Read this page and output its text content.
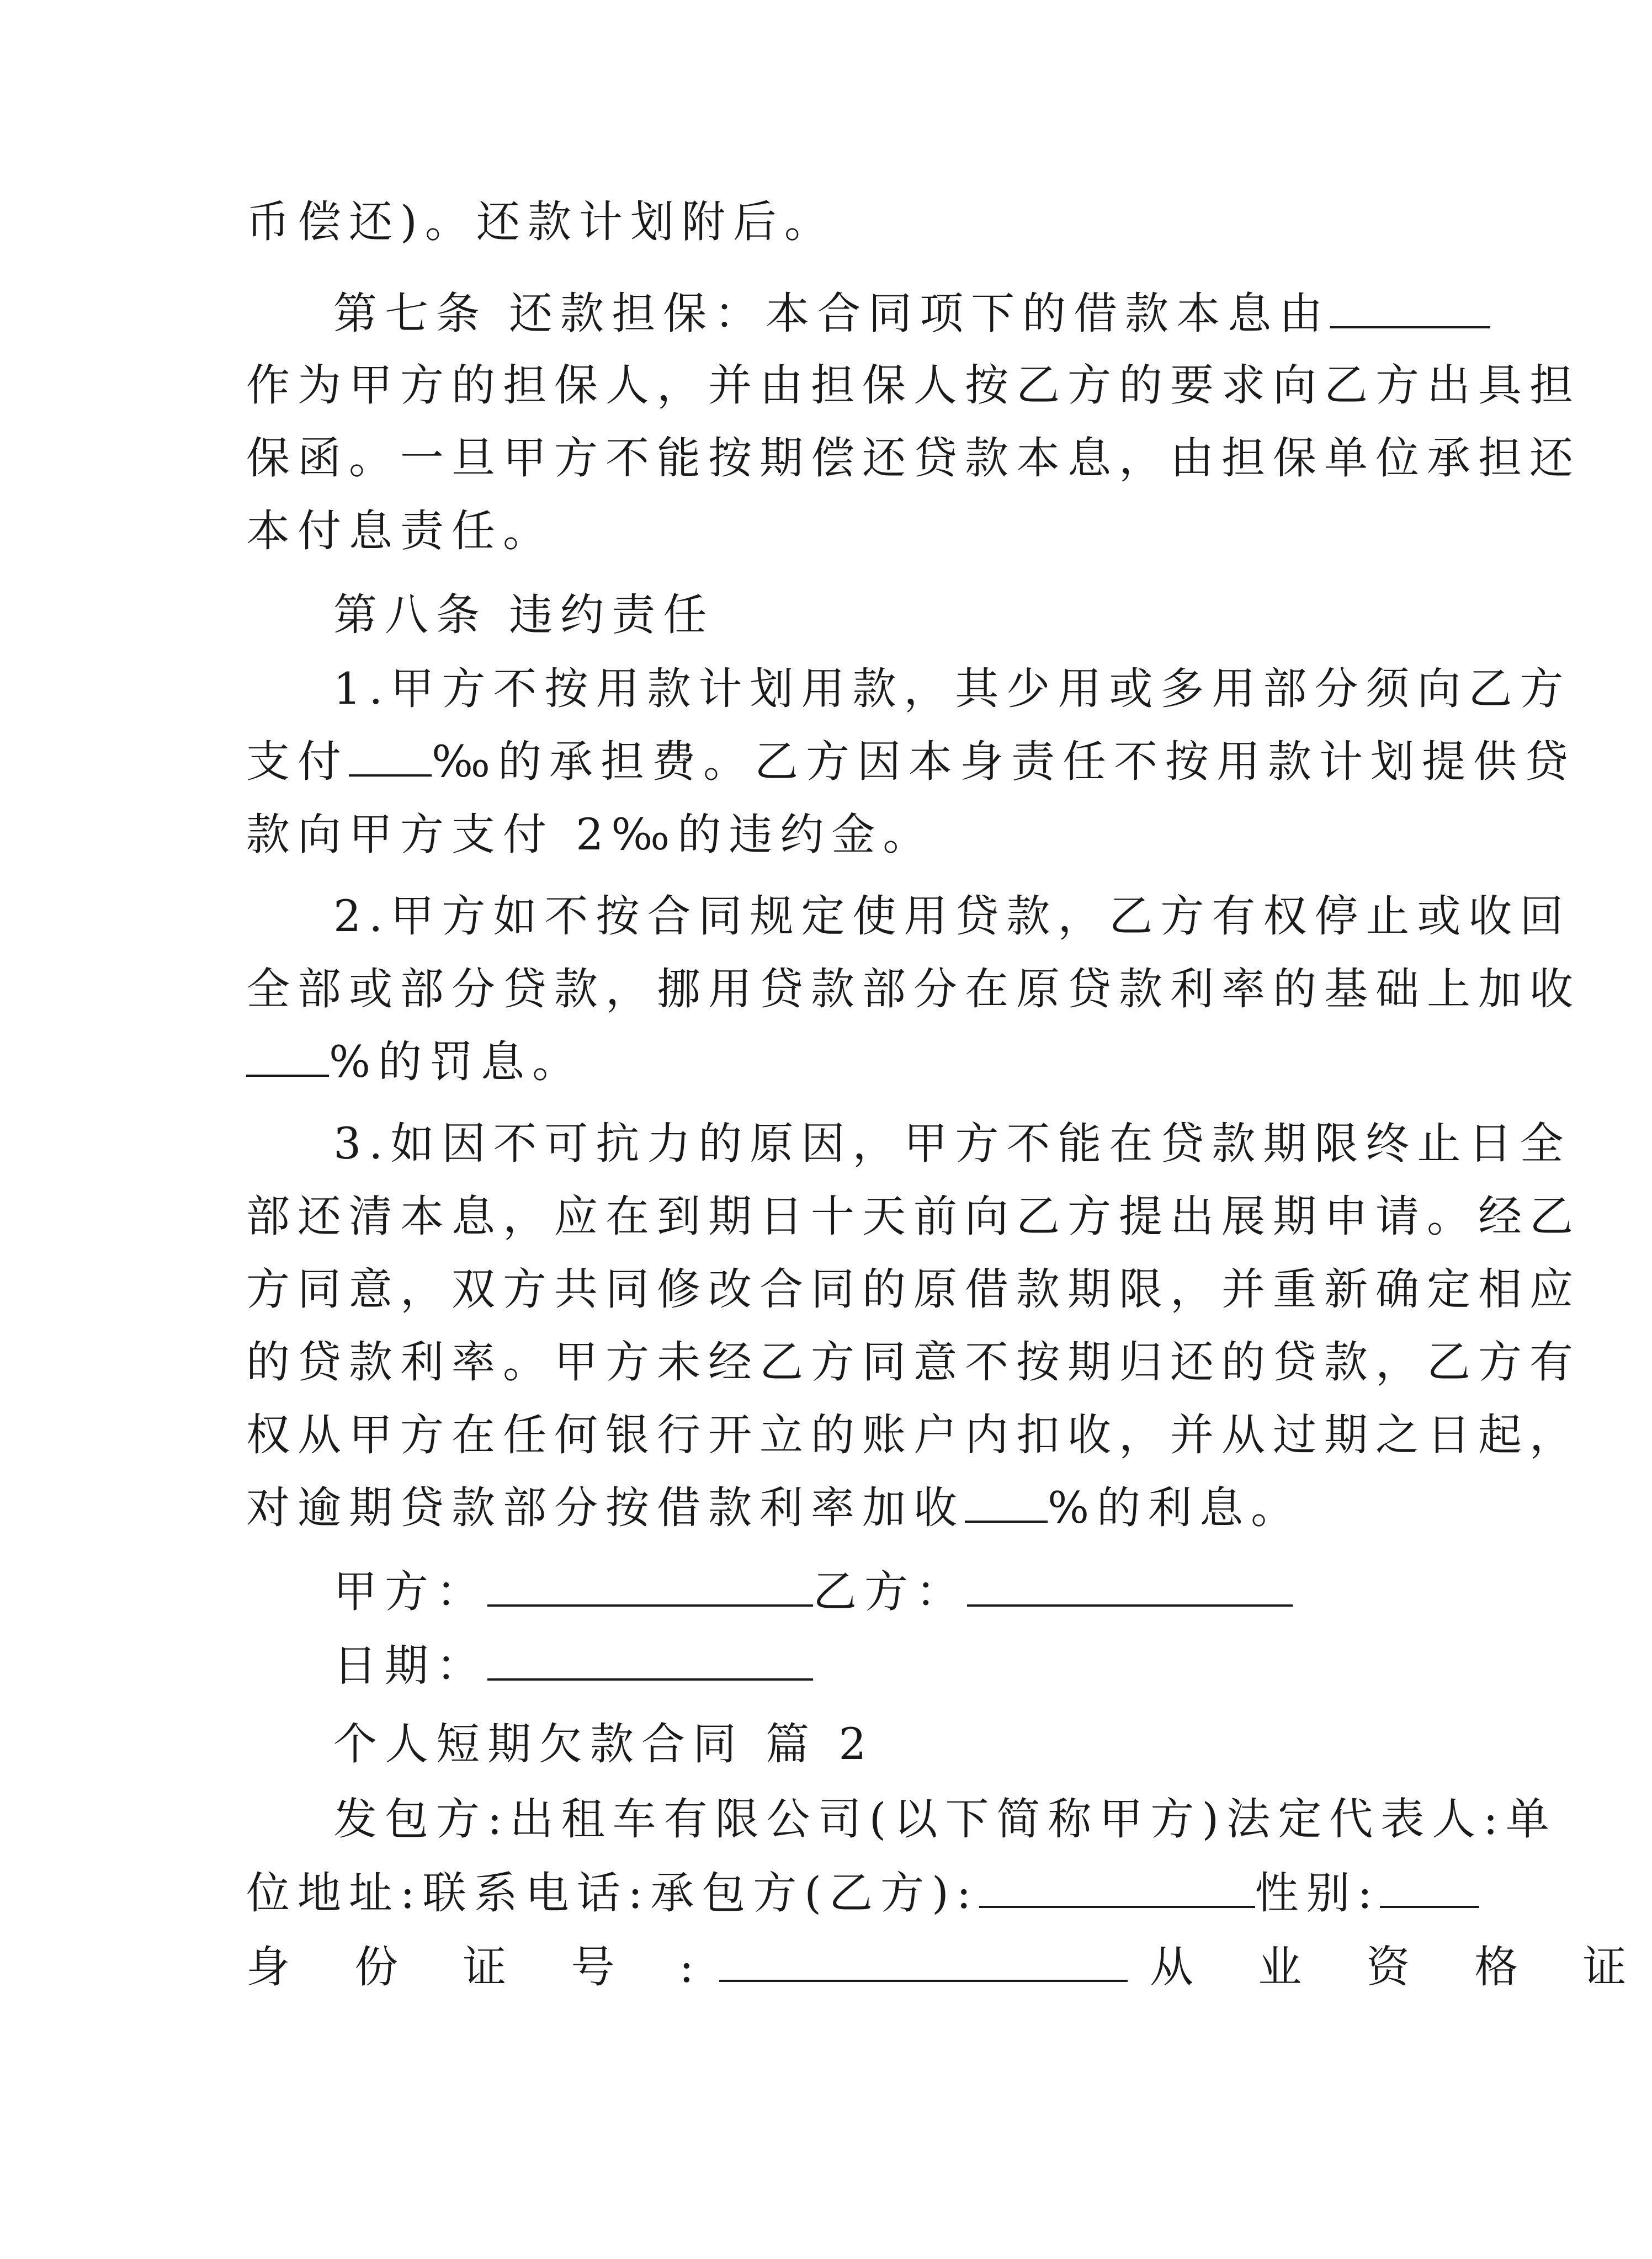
币偿还)。还款计划附后。
第七条 还款担保：本合同项下的借款本息由
作为甲方的担保人，并由担保人按乙方的要求向乙方出具担
保函。一旦甲方不能按期偿还贷款本息，由担保单位承担还
本付息责任。
第八条 违约责任
1.甲方不按用款计划用款，其少用或多用部分须向乙方
支付 ‰的承担费。乙方因本身责任不按用款计划提供贷
款向甲方支付 2‰的违约金。
2.甲方如不按合同规定使用贷款，乙方有权停止或收回
全部或部分贷款，挪用贷款部分在原贷款利率的基础上加收
%的罚息。
3.如因不可抗力的原因，甲方不能在贷款期限终止日全
部还清本息，应在到期日十天前向乙方提出展期申请。经乙
方同意，双方共同修改合同的原借款期限，并重新确定相应
的贷款利率。甲方未经乙方同意不按期归还的贷款，乙方有
权从甲方在任何银行开立的账户内扣收，并从过期之日起，
对逾期贷款部分按借款利率加收 %的利息。
甲方：	乙方：
日期：
个人短期欠款合同 篇 2
发包方:出租车有限公司(以下简称甲方)法定代表人:单
位地址:联系电话:承包方(乙方):	性别:
身 份 证 号 :	从 业 资 格 证
